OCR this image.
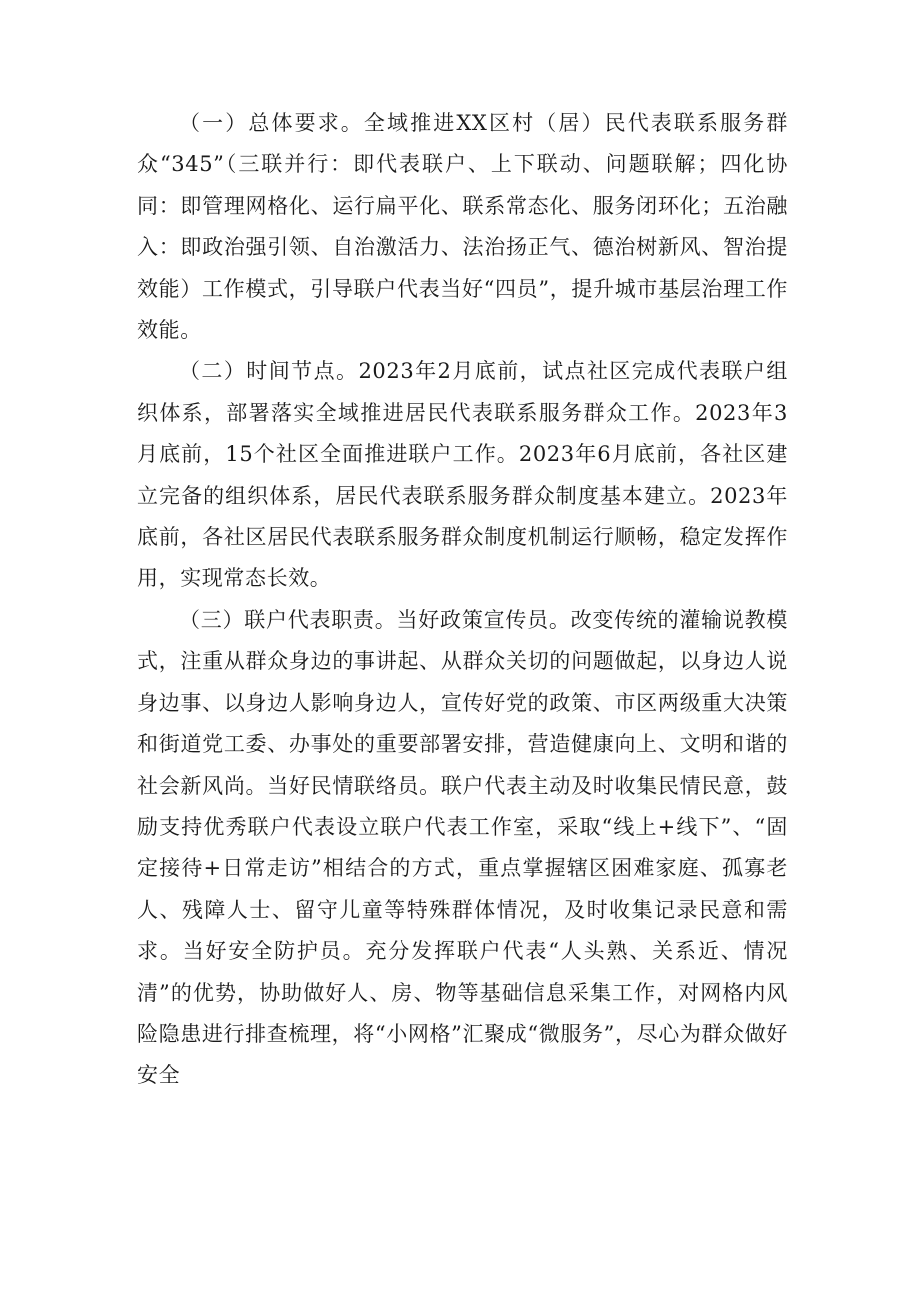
（一）总体要求。全域推进XX区村（居）民代表联系服务群众“345”（三联并行：即代表联户、上下联动、问题联解；四化协同：即管理网格化、运行扁平化、联系常态化、服务闭环化；五治融入：即政治强引领、自治激活力、法治扬正气、德治树新风、智治提效能）工作模式，引导联户代表当好“四员”，提升城市基层治理工作效能。

（二）时间节点。2023年2月底前，试点社区完成代表联户组织体系，部署落实全域推进居民代表联系服务群众工作。2023年3月底前，15个社区全面推进联户工作。2023年6月底前，各社区建立完备的组织体系，居民代表联系服务群众制度基本建立。2023年底前，各社区居民代表联系服务群众制度机制运行顺畅，稳定发挥作用，实现常态长效。

（三）联户代表职责。当好政策宣传员。改变传统的灌输说教模式，注重从群众身边的事讲起、从群众关切的问题做起，以身边人说身边事、以身边人影响身边人，宣传好党的政策、市区两级重大决策和街道党工委、办事处的重要部署安排，营造健康向上、文明和谐的社会新风尚。当好民情联络员。联户代表主动及时收集民情民意，鼓励支持优秀联户代表设立联户代表工作室，采取“线上+线下”、“固定接待+日常走访”相结合的方式，重点掌握辖区困难家庭、孤寡老人、残障人士、留守儿童等特殊群体情况，及时收集记录民意和需求。当好安全防护员。充分发挥联户代表“人头熟、关系近、情况清”的优势，协助做好人、房、物等基础信息采集工作，对网格内风险隐患进行排查梳理，将“小网格”汇聚成“微服务”，尽心为群众做好安全
